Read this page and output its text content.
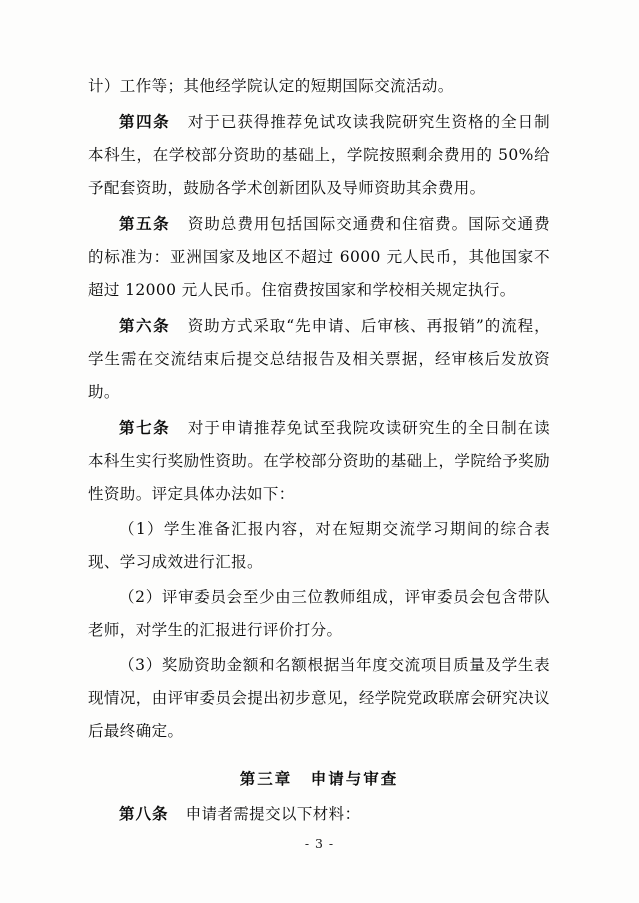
计）工作等；其他经学院认定的短期国际交流活动。

第四条 对于已获得推荐免试攻读我院研究生资格的全日制本科生，在学校部分资助的基础上，学院按照剩余费用的 50%给予配套资助，鼓励各学术创新团队及导师资助其余费用。

第五条 资助总费用包括国际交通费和住宿费。国际交通费的标准为：亚洲国家及地区不超过 6000 元人民币，其他国家不超过 12000 元人民币。住宿费按国家和学校相关规定执行。

第六条 资助方式采取“先申请、后审核、再报销”的流程，学生需在交流结束后提交总结报告及相关票据，经审核后发放资助。

第七条 对于申请推荐免试至我院攻读研究生的全日制在读本科生实行奖励性资助。在学校部分资助的基础上，学院给予奖励性资助。评定具体办法如下：

（1）学生准备汇报内容，对在短期交流学习期间的综合表现、学习成效进行汇报。

（2）评审委员会至少由三位教师组成，评审委员会包含带队老师，对学生的汇报进行评价打分。

（3）奖励资助金额和名额根据当年度交流项目质量及学生表现情况，由评审委员会提出初步意见，经学院党政联席会研究决议后最终确定。

第三章 申请与审查

第八条 申请者需提交以下材料：

- 3 -
